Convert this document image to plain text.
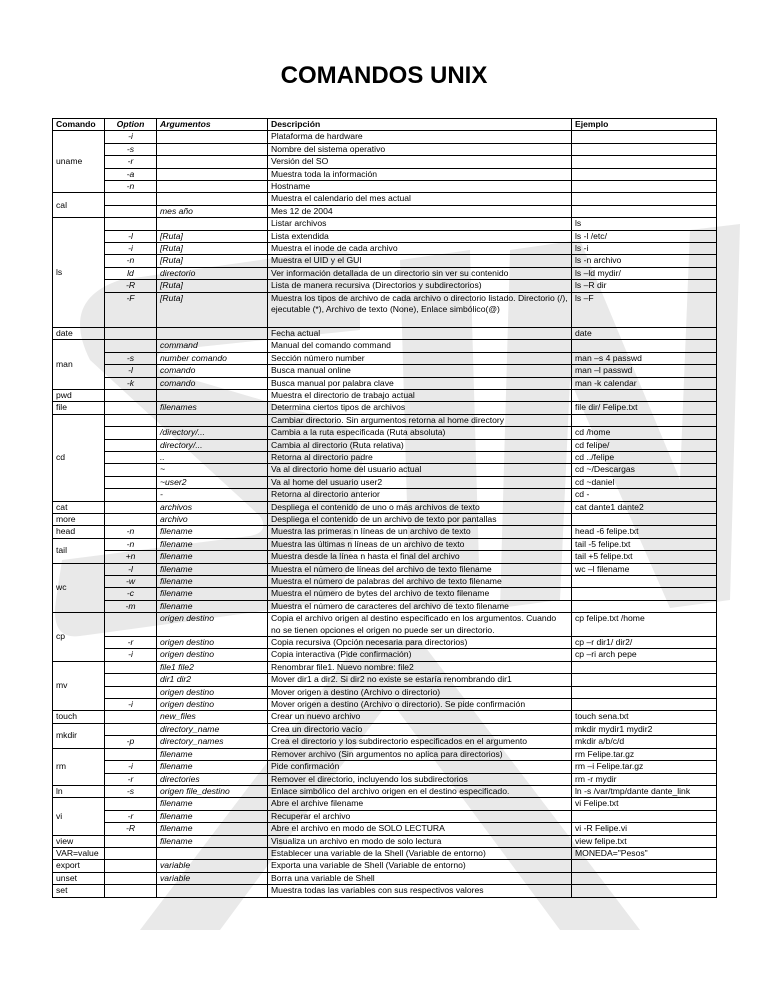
COMANDOS UNIX
Comando	Option	Argumentos	Descripción	Ejemplo
uname	-i		Plataforma de hardware	
	-s		Nombre del sistema operativo	
	-r		Versión del SO	
	-a		Muestra toda la información	
	-n		Hostname	
cal			Muestra el calendario del mes actual	
		mes año	Mes 12 de 2004	
ls			Listar archivos	ls
	-l	[Ruta]	Lista extendida	ls -l /etc/
	-i	[Ruta]	Muestra el inode de cada archivo	ls -i
	-n	[Ruta]	Muestra el UID y el GUI	ls -n archivo
	ld	directorio	Ver información detallada de un directorio sin ver su contenido	ls –ld mydir/
	-R	[Ruta]	Lista de manera recursiva (Directorios y subdirectorios)	ls –R dir
	-F	[Ruta]	Muestra los tipos de archivo de cada archivo o directorio listado. Directorio (/), ejecutable (*), Archivo de texto (None), Enlace simbólico(@)	ls –F
date			Fecha actual	date
man		command	Manual del comando command	
	-s	number comando	Sección número number	man –s 4 passwd
	-l	comando	Busca manual online	man –l passwd
	-k	comando	Busca manual por palabra clave	man -k calendar
pwd			Muestra el directorio de trabajo actual	
file		filenames	Determina ciertos tipos de archivos	file dir/ Felipe.txt
cd			Cambiar directorio. Sin argumentos retorna al home directory	
		/directory/...	Cambia a la ruta especificada (Ruta absoluta)	cd /home
		directory/...	Cambia al directorio (Ruta relativa)	cd felipe/
		..	Retorna al directorio padre	cd ../felipe
		~	Va al directorio home del usuario actual	cd ~/Descargas
		~user2	Va al home del usuario user2	cd ~daniel
		-	Retorna al directorio anterior	cd -
cat		archivos	Despliega el contenido de uno o más archivos de texto	cat dante1 dante2
more		archivo	Despliega el contenido de un archivo de texto por pantallas	
head	-n	filename	Muestra las primeras n líneas de un archivo de texto	head -6 felipe.txt
tail	-n	filename	Muestra las últimas n líneas de un archivo de texto	tail -5 felipe.txt
	+n	filename	Muestra desde la línea n hasta el final del archivo	tail +5 felipe.txt
wc	-l	filename	Muestra el número de líneas del archivo de texto filename	wc –l filename
	-w	filename	Muestra el número de palabras del archivo de texto filename	
	-c	filename	Muestra el número de bytes del archivo de texto filename	
	-m	filename	Muestra el número de caracteres del archivo de texto filename	
cp		origen destino	Copia el archivo origen al destino especificado en los argumentos. Cuando no se tienen opciones el origen no puede ser un directorio.	cp felipe.txt /home
	-r	origen destino	Copia recursiva (Opción necesaria para directorios)	cp –r dir1/ dir2/
	-i	origen destino	Copia interactiva (Pide confirmación)	cp –ri arch pepe
mv		file1 file2	Renombrar file1. Nuevo nombre: file2	
		dir1 dir2	Mover dir1 a dir2. Si dir2 no existe se estaría renombrando dir1	
		origen destino	Mover origen a destino (Archivo o directorio)	
	-i	origen destino	Mover origen a destino (Archivo o directorio). Se pide confirmación	
touch		new_files	Crear un nuevo archivo	touch sena.txt
mkdir		directory_name	Crea un directorio vacío	mkdir mydir1 mydir2
	-p	directory_names	Crea el directorio y los subdirectorio especificados en el argumento	mkdir a/b/c/d
rm		filename	Remover archivo (Sin argumentos no aplica para directorios)	rm Felipe.tar.gz
	-i	filename	Pide confirmación	rm –i Felipe.tar.gz
	-r	directories	Remover el directorio, incluyendo los subdirectorios	rm -r mydir
ln	-s	origen file_destino	Enlace simbólico del archivo origen en el destino especificado.	ln -s /var/tmp/dante dante_link
vi		filename	Abre el archive filename	vi Felipe.txt
	-r	filename	Recuperar el archivo	
	-R	filename	Abre el archivo en modo de SOLO LECTURA	vi -R Felipe.vi
view		filename	Visualiza un archivo en modo de solo lectura	view felipe.txt
VAR=value			Establecer una variable de la Shell (Variable de entorno)	MONEDA="Pesos"
export		variable	Exporta una variable de Shell (Variable de entorno)	
unset		variable	Borra una variable de Shell	
set			Muestra todas las variables con sus respectivos valores	
